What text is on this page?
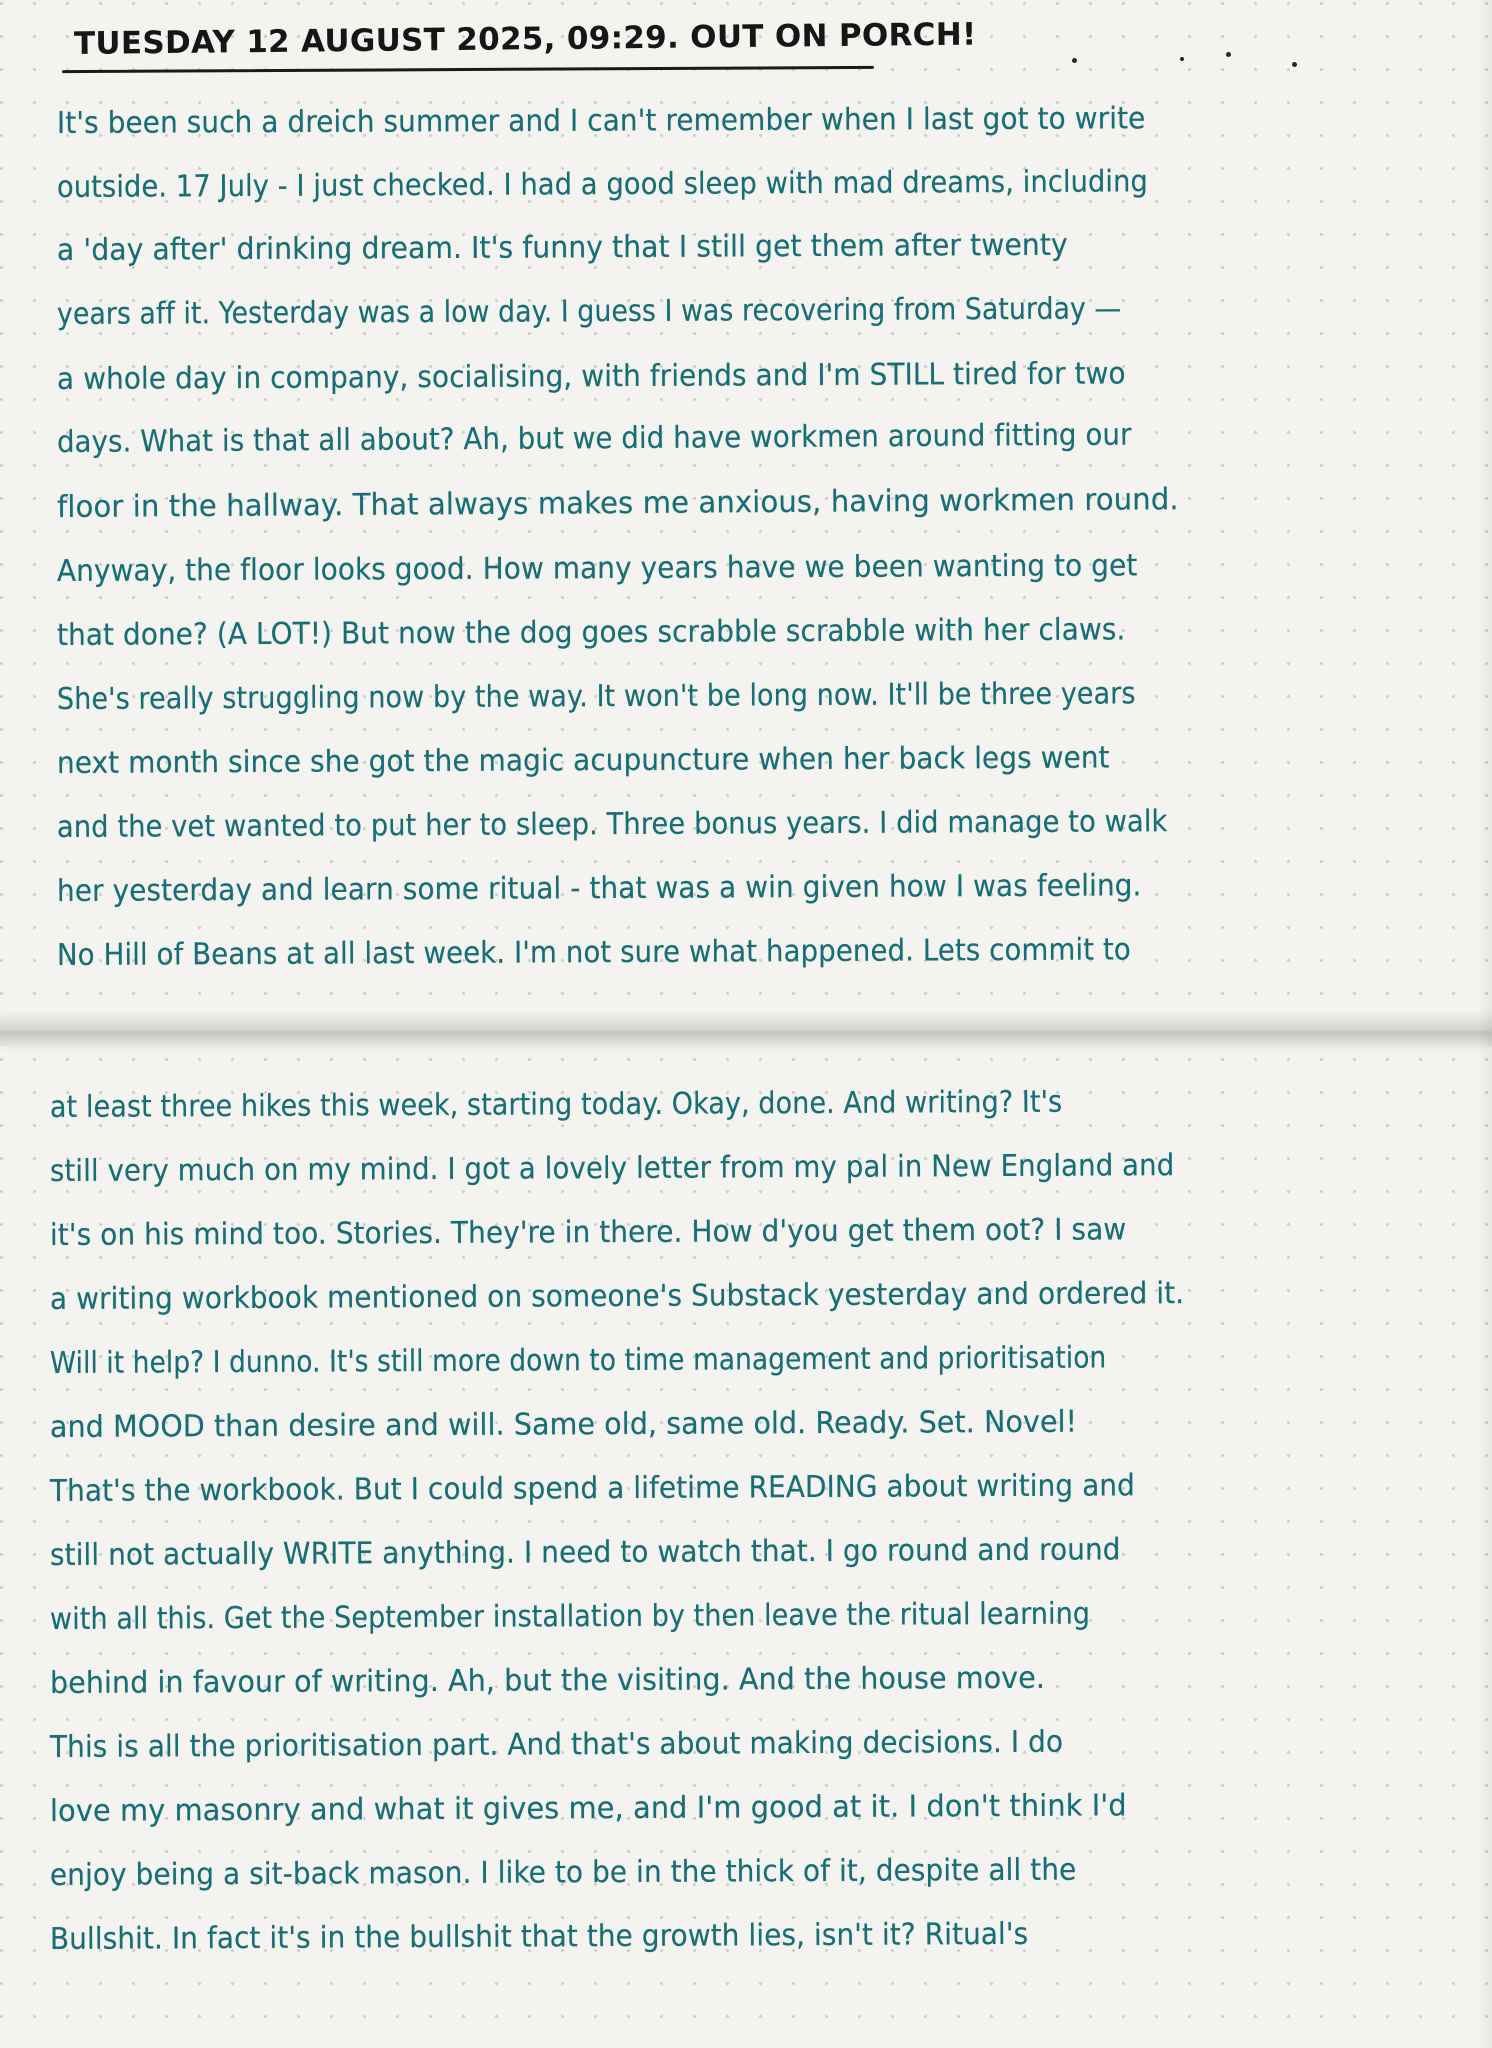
TUESDAY 12 AUGUST 2025, 09:29. OUT ON PORCH!
It's been such a dreich summer and I can't remember when I last got to write
outside. 17 July - I just checked. I had a good sleep with mad dreams, including
a 'day after' drinking dream. It's funny that I still get them after twenty
years aff it. Yesterday was a low day. I guess I was recovering from Saturday —
a whole day in company, socialising, with friends and I'm STILL tired for two
days. What is that all about? Ah, but we did have workmen around fitting our
floor in the hallway. That always makes me anxious, having workmen round.
Anyway, the floor looks good. How many years have we been wanting to get
that done? (A LOT!) But now the dog goes scrabble scrabble with her claws.
She's really struggling now by the way. It won't be long now. It'll be three years
next month since she got the magic acupuncture when her back legs went
and the vet wanted to put her to sleep. Three bonus years. I did manage to walk
her yesterday and learn some ritual - that was a win given how I was feeling.
No Hill of Beans at all last week. I'm not sure what happened. Lets commit to
at least three hikes this week, starting today. Okay, done. And writing? It's
still very much on my mind. I got a lovely letter from my pal in New England and
it's on his mind too. Stories. They're in there. How d'you get them oot? I saw
a writing workbook mentioned on someone's Substack yesterday and ordered it.
Will it help? I dunno. It's still more down to time management and prioritisation
and MOOD than desire and will. Same old, same old. Ready. Set. Novel!
That's the workbook. But I could spend a lifetime READING about writing and
still not actually WRITE anything. I need to watch that. I go round and round
with all this. Get the September installation by then leave the ritual learning
behind in favour of writing. Ah, but the visiting. And the house move.
This is all the prioritisation part. And that's about making decisions. I do
love my masonry and what it gives me, and I'm good at it. I don't think I'd
enjoy being a sit-back mason. I like to be in the thick of it, despite all the
Bullshit. In fact it's in the bullshit that the growth lies, isn't it? Ritual's
